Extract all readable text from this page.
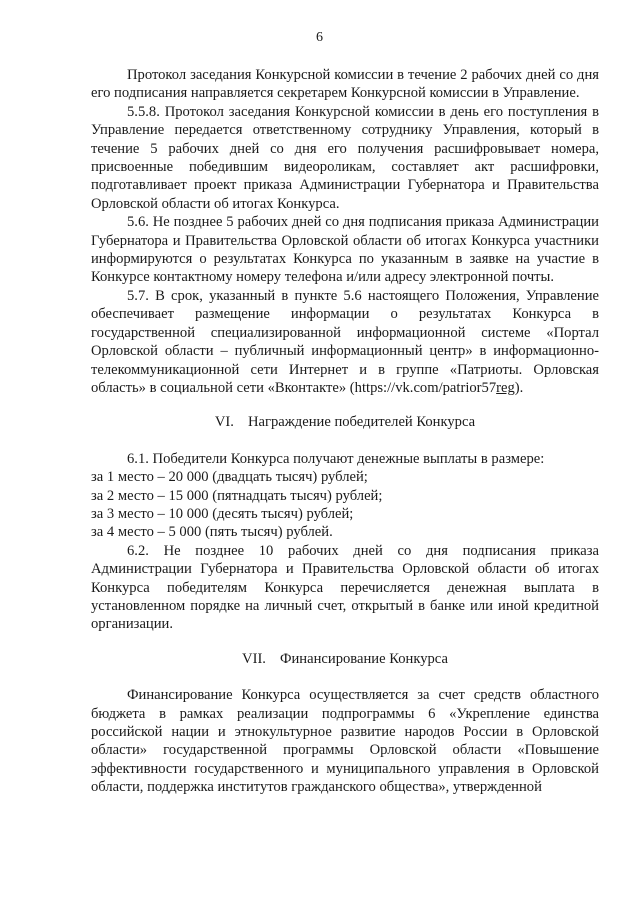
6

Протокол заседания Конкурсной комиссии в течение 2 рабочих дней со дня его подписания направляется секретарем Конкурсной комиссии в Управление.

5.5.8. Протокол заседания Конкурсной комиссии в день его поступления в Управление передается ответственному сотруднику Управления, который в течение 5 рабочих дней со дня его получения расшифровывает номера, присвоенные победившим видеороликам, составляет акт расшифровки, подготавливает проект приказа Администрации Губернатора и Правительства Орловской области об итогах Конкурса.

5.6. Не позднее 5 рабочих дней со дня подписания приказа Администрации Губернатора и Правительства Орловской области об итогах Конкурса участники информируются о результатах Конкурса по указанным в заявке на участие в Конкурсе контактному номеру телефона и/или адресу электронной почты.

5.7. В срок, указанный в пункте 5.6 настоящего Положения, Управление обеспечивает размещение информации о результатах Конкурса в государственной специализированной информационной системе «Портал Орловской области – публичный информационный центр» в информационно-телекоммуникационной сети Интернет и в группе «Патриоты. Орловская область» в социальной сети «Вконтакте» (https://vk.com/patrior57reg).

VI. Награждение победителей Конкурса

6.1. Победители Конкурса получают денежные выплаты в размере:

за 1 место – 20 000 (двадцать тысяч) рублей;

за 2 место – 15 000 (пятнадцать тысяч) рублей;

за 3 место – 10 000 (десять тысяч) рублей;

за 4 место – 5 000 (пять тысяч) рублей.

6.2. Не позднее 10 рабочих дней со дня подписания приказа Администрации Губернатора и Правительства Орловской области об итогах Конкурса победителям Конкурса перечисляется денежная выплата в установленном порядке на личный счет, открытый в банке или иной кредитной организации.

VII. Финансирование Конкурса

Финансирование Конкурса осуществляется за счет средств областного бюджета в рамках реализации подпрограммы 6 «Укрепление единства российской нации и этнокультурное развитие народов России в Орловской области» государственной программы Орловской области «Повышение эффективности государственного и муниципального управления в Орловской области, поддержка институтов гражданского общества», утвержденной
